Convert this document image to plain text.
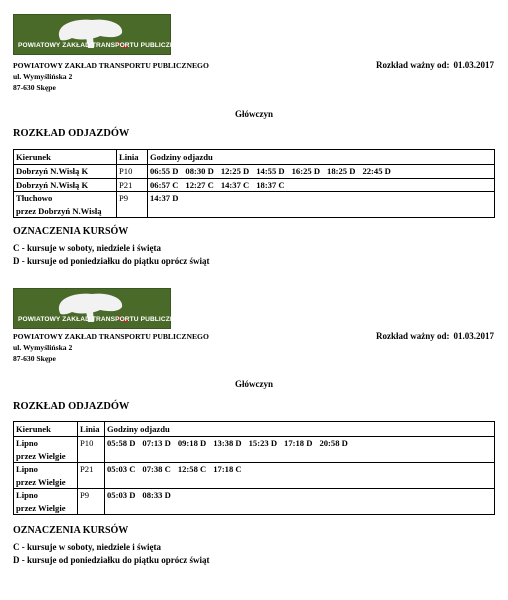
POWIATOWY ZAKŁAD TRANSPORTU PUBLICZNEGO
Rozkład ważny od: 01.03.2017
POWIATOWY ZAKŁAD TRANSPORTU PUBLICZNEGO
ul. Wymyślińska 2
87-630 Skępe
Główczyn
ROZKŁAD ODJAZDÓW
Kierunek	Linia	Godziny odjazdu

Dobrzyń N.Wisłą K	P10	06:55 D 08:30 D 12:25 D 14:55 D 16:25 D 18:25 D 22:45 D

Dobrzyń N.Wisłą K	P21	06:57 C 12:27 C 14:37 C 18:37 C

Tłuchowo
przez Dobrzyń N.Wisłą	P9	14:37 D
OZNACZENIA KURSÓW
C - kursuje w soboty, niedziele i święta
D - kursuje od poniedziałku do piątku oprócz świąt
POWIATOWY ZAKŁAD TRANSPORTU PUBLICZNEGO
Rozkład ważny od: 01.03.2017
POWIATOWY ZAKŁAD TRANSPORTU PUBLICZNEGO
ul. Wymyślińska 2
87-630 Skępe
Główczyn
ROZKŁAD ODJAZDÓW
Kierunek	Linia	Godziny odjazdu

Lipno
przez Wielgie	P10	05:58 D 07:13 D 09:18 D 13:38 D 15:23 D 17:18 D 20:58 D

Lipno
przez Wielgie	P21	05:03 C 07:38 C 12:58 C 17:18 C

Lipno
przez Wielgie	P9	05:03 D 08:33 D
OZNACZENIA KURSÓW
C - kursuje w soboty, niedziele i święta
D - kursuje od poniedziałku do piątku oprócz świąt
